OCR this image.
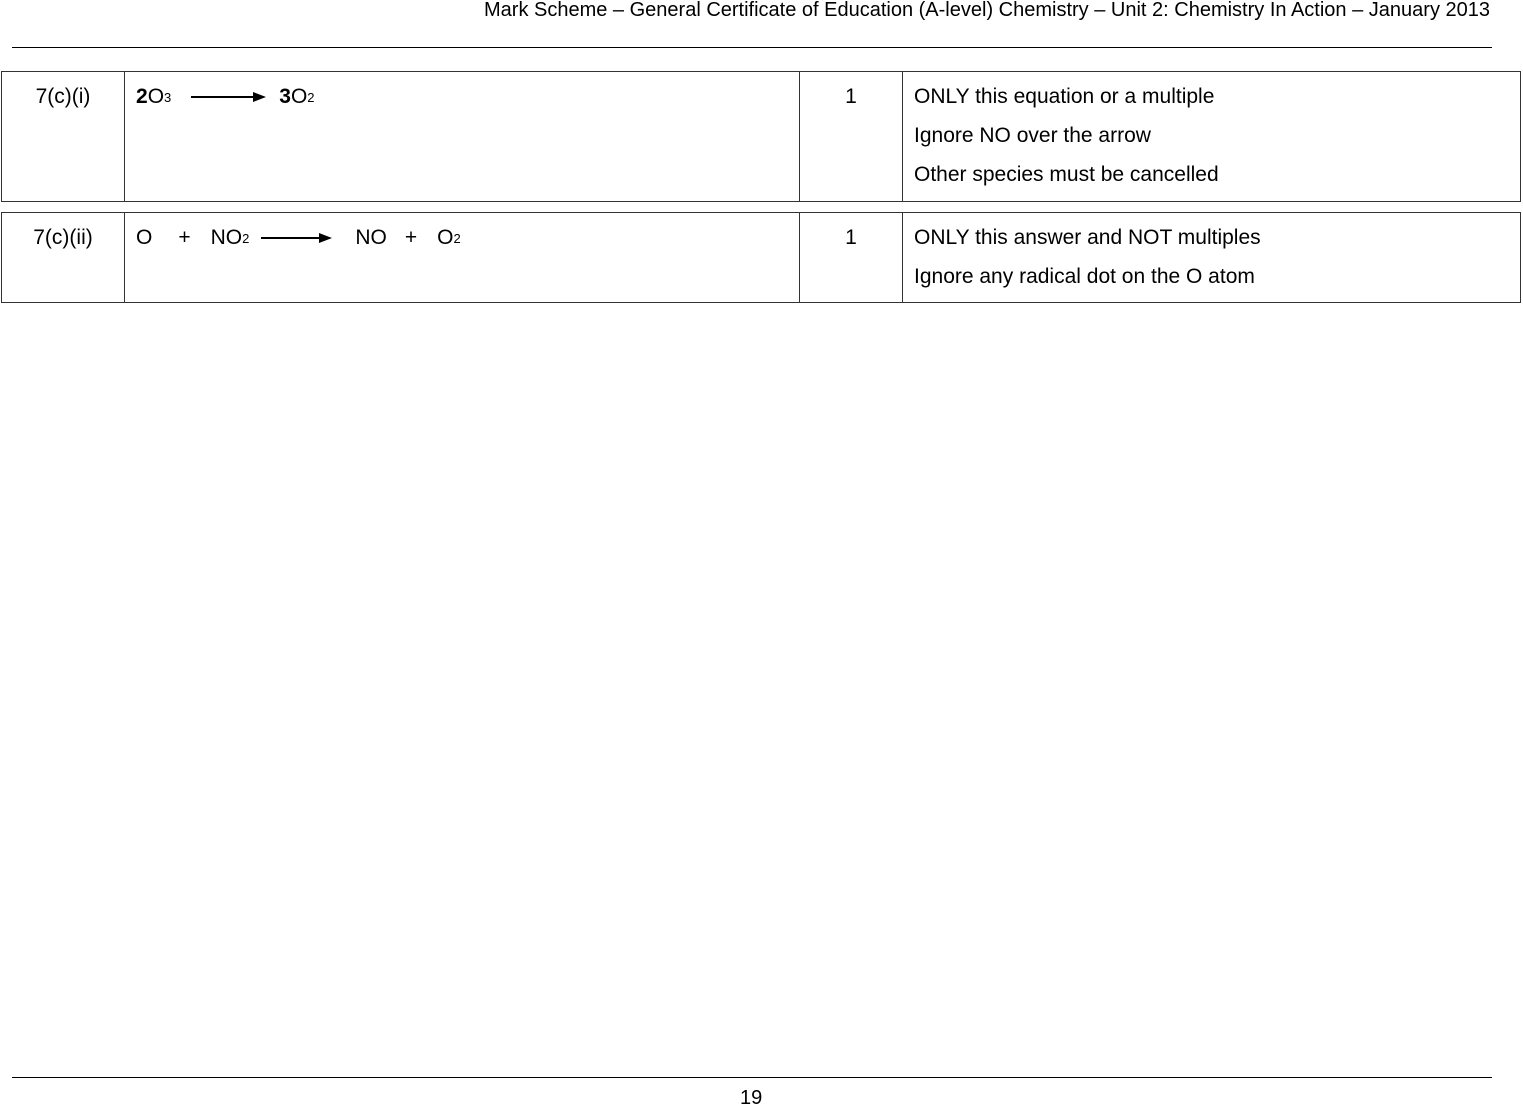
Mark Scheme – General Certificate of Education (A-level) Chemistry – Unit 2: Chemistry In Action – January 2013
7(c)(i)	2 O 3 → 3 O 2	1	ONLY this equation or a multiple
Ignore NO over the arrow
Other species must be cancelled
7(c)(ii)	O + NO 2 → NO + O 2	1	ONLY this answer and NOT multiples
Ignore any radical dot on the O atom
19
